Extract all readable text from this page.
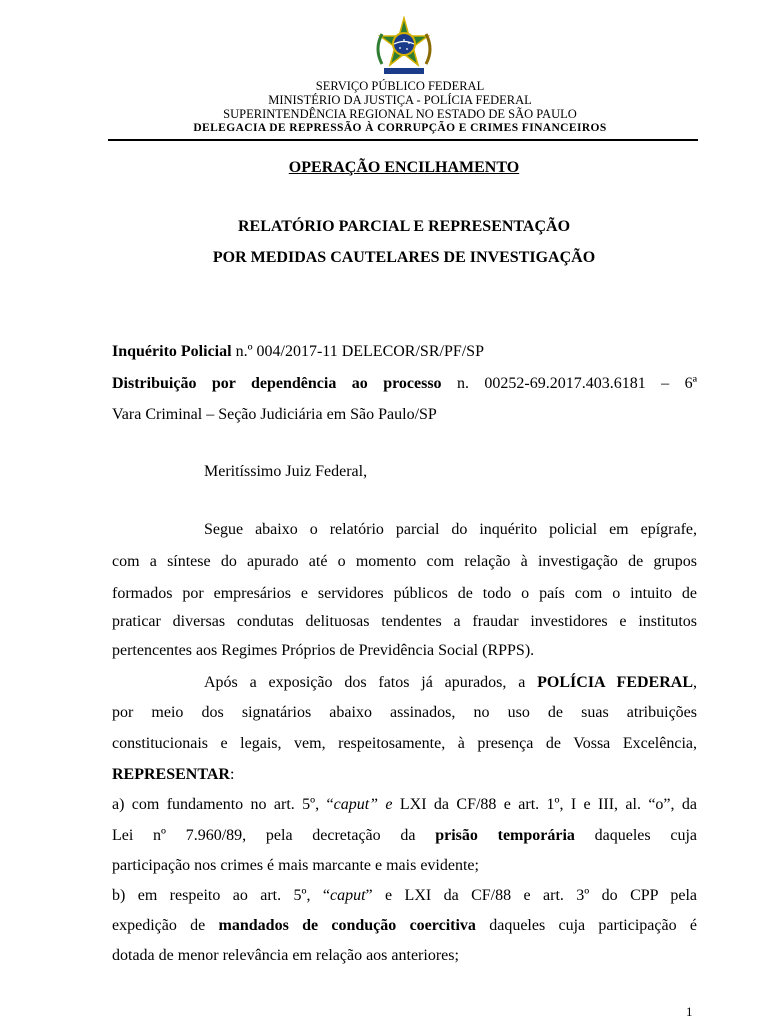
SERVIÇO PÚBLICO FEDERAL
MINISTÉRIO DA JUSTIÇA - POLÍCIA FEDERAL
SUPERINTENDÊNCIA REGIONAL NO ESTADO DE SÃO PAULO
DELEGACIA DE REPRESSÃO À CORRUPÇÃO E CRIMES FINANCEIROS
OPERAÇÃO ENCILHAMENTO
RELATÓRIO PARCIAL E REPRESENTAÇÃO
POR MEDIDAS CAUTELARES DE INVESTIGAÇÃO
Inquérito Policial n.º 004/2017-11 DELECOR/SR/PF/SP
Distribuição por dependência ao processo n. 00252-69.2017.403.6181 – 6ª
Vara Criminal – Seção Judiciária em São Paulo/SP
Meritíssimo Juiz Federal,
Segue abaixo o relatório parcial do inquérito policial em epígrafe,
com a síntese do apurado até o momento com relação à investigação de grupos
formados por empresários e servidores públicos de todo o país com o intuito de
praticar diversas condutas delituosas tendentes a fraudar investidores e institutos
pertencentes aos Regimes Próprios de Previdência Social (RPPS).
Após a exposição dos fatos já apurados, a POLÍCIA FEDERAL,
por meio dos signatários abaixo assinados, no uso de suas atribuições
constitucionais e legais, vem, respeitosamente, à presença de Vossa Excelência,
REPRESENTAR:
a) com fundamento no art. 5º, “caput” e LXI da CF/88 e art. 1º, I e III, al. “o”, da
Lei nº 7.960/89, pela decretação da prisão temporária daqueles cuja
participação nos crimes é mais marcante e mais evidente;
b) em respeito ao art. 5º, “caput” e LXI da CF/88 e art. 3º do CPP pela
expedição de mandados de condução coercitiva daqueles cuja participação é
dotada de menor relevância em relação aos anteriores;
1
